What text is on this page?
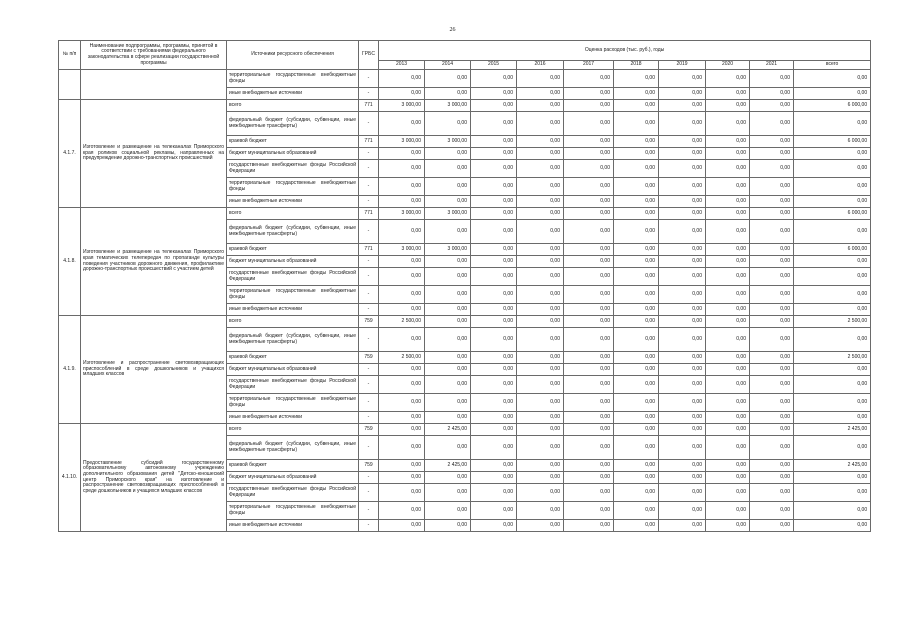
26
№ п/п	Наименование подпрограммы, программы, принятой в соответствии с требованиями федерального законодательства в сфере реализации государственной программы	Источники ресурсного обеспечения	ГРБС	Оценка расходов (тыс. руб.), годы									
				2013	2014	2015	2016	2017	2018	2019	2020	2021	всего
		территориальные государственные внебюджетные фонды	-	0,00	0,00	0,00	0,00	0,00	0,00	0,00	0,00	0,00	0,00
		иные внебюджетные источники	-	0,00	0,00	0,00	0,00	0,00	0,00	0,00	0,00	0,00	0,00
4.1.7.	Изготовление и размещение на телеканалах Приморского края роликов социальной рекламы, направленных на предупреждение дорожно-транспортных происшествий	всего	771	3 000,00	3 000,00	0,00	0,00	0,00	0,00	0,00	0,00	0,00	6 000,00
		федеральный бюджет (субсидии, субвенции, иные межбюджетные трансферты)	-	0,00	0,00	0,00	0,00	0,00	0,00	0,00	0,00	0,00	0,00
		краевой бюджет	771	3 000,00	3 000,00	0,00	0,00	0,00	0,00	0,00	0,00	0,00	6 000,00
		бюджет муниципальных образований	-	0,00	0,00	0,00	0,00	0,00	0,00	0,00	0,00	0,00	0,00
		государственные внебюджетные фонды Российской Федерации	-	0,00	0,00	0,00	0,00	0,00	0,00	0,00	0,00	0,00	0,00
		территориальные государственные внебюджетные фонды	-	0,00	0,00	0,00	0,00	0,00	0,00	0,00	0,00	0,00	0,00
		иные внебюджетные источники	-	0,00	0,00	0,00	0,00	0,00	0,00	0,00	0,00	0,00	0,00
4.1.8.	Изготовление и размещение на телеканалах Приморского края тематических телепередач по пропаганде культуры поведения участников дорожного движения, профилактике дорожно-транспортных происшествий с участием детей	всего	771	3 000,00	3 000,00	0,00	0,00	0,00	0,00	0,00	0,00	0,00	6 000,00
		федеральный бюджет (субсидии, субвенции, иные межбюджетные трансферты)	-	0,00	0,00	0,00	0,00	0,00	0,00	0,00	0,00	0,00	0,00
		краевой бюджет	771	3 000,00	3 000,00	0,00	0,00	0,00	0,00	0,00	0,00	0,00	6 000,00
		бюджет муниципальных образований	-	0,00	0,00	0,00	0,00	0,00	0,00	0,00	0,00	0,00	0,00
		государственные внебюджетные фонды Российской Федерации	-	0,00	0,00	0,00	0,00	0,00	0,00	0,00	0,00	0,00	0,00
		территориальные государственные внебюджетные фонды	-	0,00	0,00	0,00	0,00	0,00	0,00	0,00	0,00	0,00	0,00
		иные внебюджетные источники	-	0,00	0,00	0,00	0,00	0,00	0,00	0,00	0,00	0,00	0,00
4.1.9.	Изготовление и распространение световозвращающих приспособлений в среде дошкольников и учащихся младших классов	всего	759	2 500,00	0,00	0,00	0,00	0,00	0,00	0,00	0,00	0,00	2 500,00
		федеральный бюджет (субсидии, субвенции, иные межбюджетные трансферты)	-	0,00	0,00	0,00	0,00	0,00	0,00	0,00	0,00	0,00	0,00
		краевой бюджет	759	2 500,00	0,00	0,00	0,00	0,00	0,00	0,00	0,00	0,00	2 500,00
		бюджет муниципальных образований	-	0,00	0,00	0,00	0,00	0,00	0,00	0,00	0,00	0,00	0,00
		государственные внебюджетные фонды Российской Федерации	-	0,00	0,00	0,00	0,00	0,00	0,00	0,00	0,00	0,00	0,00
		территориальные государственные внебюджетные фонды	-	0,00	0,00	0,00	0,00	0,00	0,00	0,00	0,00	0,00	0,00
		иные внебюджетные источники	-	0,00	0,00	0,00	0,00	0,00	0,00	0,00	0,00	0,00	0,00
4.1.10.	Предоставление субсидий государственному образовательному автономному учреждению дополнительного образования детей "Детско-юношеский центр Приморского края" на изготовление и распространение световозвращающих приспособлений в среде дошкольников и учащихся младших классов	всего	759	0,00	2 425,00	0,00	0,00	0,00	0,00	0,00	0,00	0,00	2 425,00
		федеральный бюджет (субсидии, субвенции, иные межбюджетные трансферты)	-	0,00	0,00	0,00	0,00	0,00	0,00	0,00	0,00	0,00	0,00
		краевой бюджет	759	0,00	2 425,00	0,00	0,00	0,00	0,00	0,00	0,00	0,00	2 425,00
		бюджет муниципальных образований	-	0,00	0,00	0,00	0,00	0,00	0,00	0,00	0,00	0,00	0,00
		государственные внебюджетные фонды Российской Федерации	-	0,00	0,00	0,00	0,00	0,00	0,00	0,00	0,00	0,00	0,00
		территориальные государственные внебюджетные фонды	-	0,00	0,00	0,00	0,00	0,00	0,00	0,00	0,00	0,00	0,00
		иные внебюджетные источники	-	0,00	0,00	0,00	0,00	0,00	0,00	0,00	0,00	0,00	0,00
